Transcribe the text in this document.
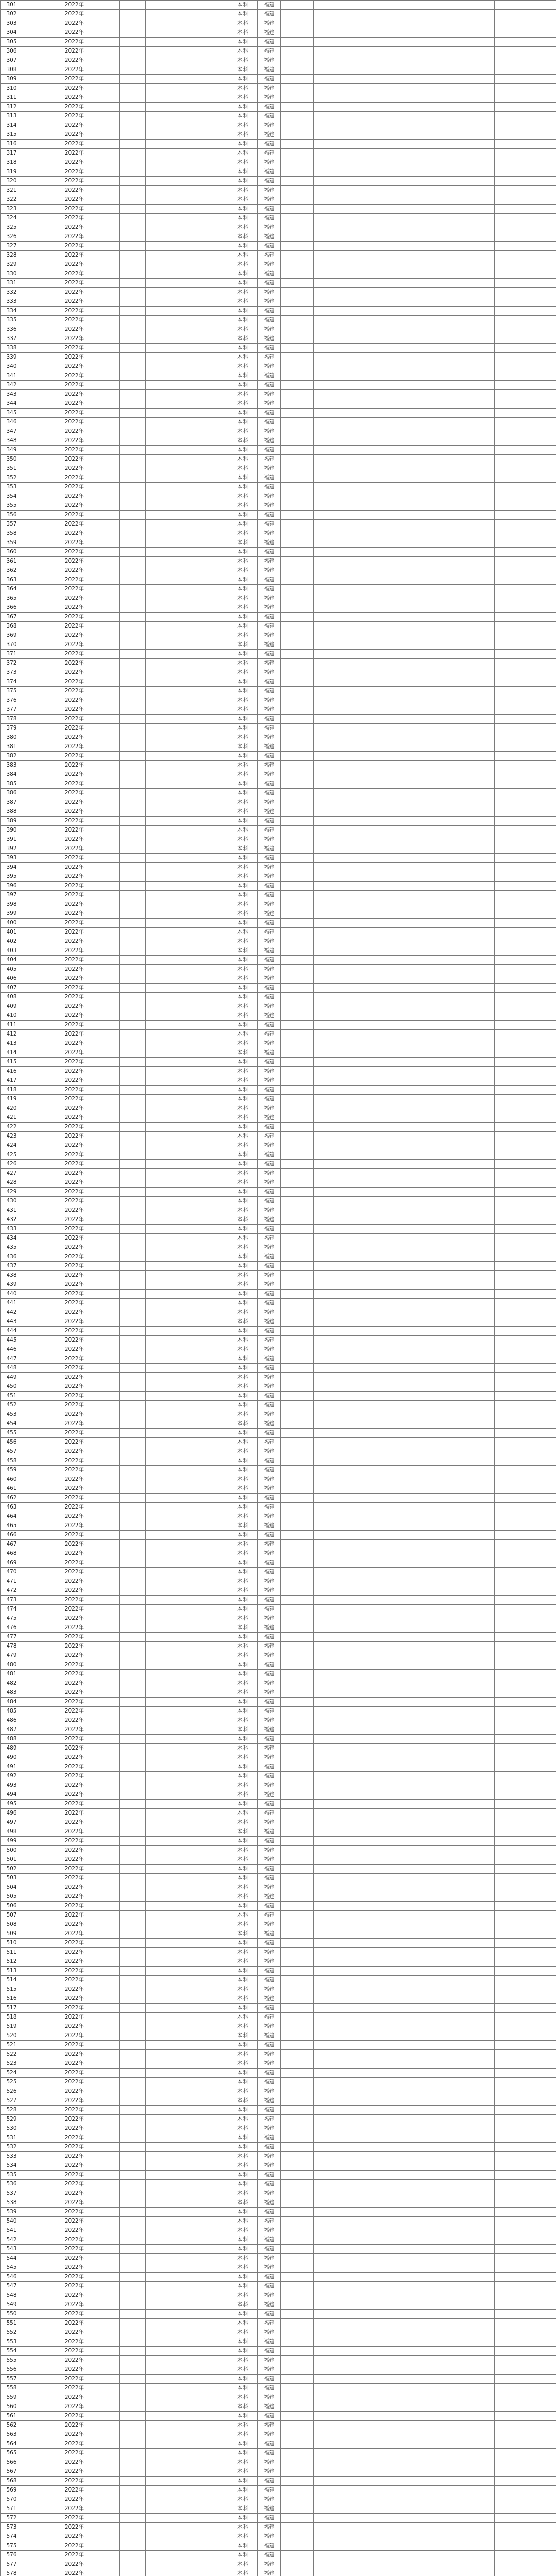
301		2022年				本科	福建				
302		2022年				本科	福建				
303		2022年				本科	福建				
304		2022年				本科	福建				
305		2022年				本科	福建				
306		2022年				本科	福建				
307		2022年				本科	福建				
308		2022年				本科	福建				
309		2022年				本科	福建				
310		2022年				本科	福建				
311		2022年				本科	福建				
312		2022年				本科	福建				
313		2022年				本科	福建				
314		2022年				本科	福建				
315		2022年				本科	福建				
316		2022年				本科	福建				
317		2022年				本科	福建				
318		2022年				本科	福建				
319		2022年				本科	福建				
320		2022年				本科	福建				
321		2022年				本科	福建				
322		2022年				本科	福建				
323		2022年				本科	福建				
324		2022年				本科	福建				
325		2022年				本科	福建				
326		2022年				本科	福建				
327		2022年				本科	福建				
328		2022年				本科	福建				
329		2022年				本科	福建				
330		2022年				本科	福建				
331		2022年				本科	福建				
332		2022年				本科	福建				
333		2022年				本科	福建				
334		2022年				本科	福建				
335		2022年				本科	福建				
336		2022年				本科	福建				
337		2022年				本科	福建				
338		2022年				本科	福建				
339		2022年				本科	福建				
340		2022年				本科	福建				
341		2022年				本科	福建				
342		2022年				本科	福建				
343		2022年				本科	福建				
344		2022年				本科	福建				
345		2022年				本科	福建				
346		2022年				本科	福建				
347		2022年				本科	福建				
348		2022年				本科	福建				
349		2022年				本科	福建				
350		2022年				本科	福建				
351		2022年				本科	福建				
352		2022年				本科	福建				
353		2022年				本科	福建				
354		2022年				本科	福建				
355		2022年				本科	福建				
356		2022年				本科	福建				
357		2022年				本科	福建				
358		2022年				本科	福建				
359		2022年				本科	福建				
360		2022年				本科	福建				
361		2022年				本科	福建				
362		2022年				本科	福建				
363		2022年				本科	福建				
364		2022年				本科	福建				
365		2022年				本科	福建				
366		2022年				本科	福建				
367		2022年				本科	福建				
368		2022年				本科	福建				
369		2022年				本科	福建				
370		2022年				本科	福建				
371		2022年				本科	福建				
372		2022年				本科	福建				
373		2022年				本科	福建				
374		2022年				本科	福建				
375		2022年				本科	福建				
376		2022年				本科	福建				
377		2022年				本科	福建				
378		2022年				本科	福建				
379		2022年				本科	福建				
380		2022年				本科	福建				
381		2022年				本科	福建				
382		2022年				本科	福建				
383		2022年				本科	福建				
384		2022年				本科	福建				
385		2022年				本科	福建				
386		2022年				本科	福建				
387		2022年				本科	福建				
388		2022年				本科	福建				
389		2022年				本科	福建				
390		2022年				本科	福建				
391		2022年				本科	福建				
392		2022年				本科	福建				
393		2022年				本科	福建				
394		2022年				本科	福建				
395		2022年				本科	福建				
396		2022年				本科	福建				
397		2022年				本科	福建				
398		2022年				本科	福建				
399		2022年				本科	福建				
400		2022年				本科	福建				
401		2022年				本科	福建				
402		2022年				本科	福建				
403		2022年				本科	福建				
404		2022年				本科	福建				
405		2022年				本科	福建				
406		2022年				本科	福建				
407		2022年				本科	福建				
408		2022年				本科	福建				
409		2022年				本科	福建				
410		2022年				本科	福建				
411		2022年				本科	福建				
412		2022年				本科	福建				
413		2022年				本科	福建				
414		2022年				本科	福建				
415		2022年				本科	福建				
416		2022年				本科	福建				
417		2022年				本科	福建				
418		2022年				本科	福建				
419		2022年				本科	福建				
420		2022年				本科	福建				
421		2022年				本科	福建				
422		2022年				本科	福建				
423		2022年				本科	福建				
424		2022年				本科	福建				
425		2022年				本科	福建				
426		2022年				本科	福建				
427		2022年				本科	福建				
428		2022年				本科	福建				
429		2022年				本科	福建				
430		2022年				本科	福建				
431		2022年				本科	福建				
432		2022年				本科	福建				
433		2022年				本科	福建				
434		2022年				本科	福建				
435		2022年				本科	福建				
436		2022年				本科	福建				
437		2022年				本科	福建				
438		2022年				本科	福建				
439		2022年				本科	福建				
440		2022年				本科	福建				
441		2022年				本科	福建				
442		2022年				本科	福建				
443		2022年				本科	福建				
444		2022年				本科	福建				
445		2022年				本科	福建				
446		2022年				本科	福建				
447		2022年				本科	福建				
448		2022年				本科	福建				
449		2022年				本科	福建				
450		2022年				本科	福建				
451		2022年				本科	福建				
452		2022年				本科	福建				
453		2022年				本科	福建				
454		2022年				本科	福建				
455		2022年				本科	福建				
456		2022年				本科	福建				
457		2022年				本科	福建				
458		2022年				本科	福建				
459		2022年				本科	福建				
460		2022年				本科	福建				
461		2022年				本科	福建				
462		2022年				本科	福建				
463		2022年				本科	福建				
464		2022年				本科	福建				
465		2022年				本科	福建				
466		2022年				本科	福建				
467		2022年				本科	福建				
468		2022年				本科	福建				
469		2022年				本科	福建				
470		2022年				本科	福建				
471		2022年				本科	福建				
472		2022年				本科	福建				
473		2022年				本科	福建				
474		2022年				本科	福建				
475		2022年				本科	福建				
476		2022年				本科	福建				
477		2022年				本科	福建				
478		2022年				本科	福建				
479		2022年				本科	福建				
480		2022年				本科	福建				
481		2022年				本科	福建				
482		2022年				本科	福建				
483		2022年				本科	福建				
484		2022年				本科	福建				
485		2022年				本科	福建				
486		2022年				本科	福建				
487		2022年				本科	福建				
488		2022年				本科	福建				
489		2022年				本科	福建				
490		2022年				本科	福建				
491		2022年				本科	福建				
492		2022年				本科	福建				
493		2022年				本科	福建				
494		2022年				本科	福建				
495		2022年				本科	福建				
496		2022年				本科	福建				
497		2022年				本科	福建				
498		2022年				本科	福建				
499		2022年				本科	福建				
500		2022年				本科	福建				
501		2022年				本科	福建				
502		2022年				本科	福建				
503		2022年				本科	福建				
504		2022年				本科	福建				
505		2022年				本科	福建				
506		2022年				本科	福建				
507		2022年				本科	福建				
508		2022年				本科	福建				
509		2022年				本科	福建				
510		2022年				本科	福建				
511		2022年				本科	福建				
512		2022年				本科	福建				
513		2022年				本科	福建				
514		2022年				本科	福建				
515		2022年				本科	福建				
516		2022年				本科	福建				
517		2022年				本科	福建				
518		2022年				本科	福建				
519		2022年				本科	福建				
520		2022年				本科	福建				
521		2022年				本科	福建				
522		2022年				本科	福建				
523		2022年				本科	福建				
524		2022年				本科	福建				
525		2022年				本科	福建				
526		2022年				本科	福建				
527		2022年				本科	福建				
528		2022年				本科	福建				
529		2022年				本科	福建				
530		2022年				本科	福建				
531		2022年				本科	福建				
532		2022年				本科	福建				
533		2022年				本科	福建				
534		2022年				本科	福建				
535		2022年				本科	福建				
536		2022年				本科	福建				
537		2022年				本科	福建				
538		2022年				本科	福建				
539		2022年				本科	福建				
540		2022年				本科	福建				
541		2022年				本科	福建				
542		2022年				本科	福建				
543		2022年				本科	福建				
544		2022年				本科	福建				
545		2022年				本科	福建				
546		2022年				本科	福建				
547		2022年				本科	福建				
548		2022年				本科	福建				
549		2022年				本科	福建				
550		2022年				本科	福建				
551		2022年				本科	福建				
552		2022年				本科	福建				
553		2022年				本科	福建				
554		2022年				本科	福建				
555		2022年				本科	福建				
556		2022年				本科	福建				
557		2022年				本科	福建				
558		2022年				本科	福建				
559		2022年				本科	福建				
560		2022年				本科	福建				
561		2022年				本科	福建				
562		2022年				本科	福建				
563		2022年				本科	福建				
564		2022年				本科	福建				
565		2022年				本科	福建				
566		2022年				本科	福建				
567		2022年				本科	福建				
568		2022年				本科	福建				
569		2022年				本科	福建				
570		2022年				本科	福建				
571		2022年				本科	福建				
572		2022年				本科	福建				
573		2022年				本科	福建				
574		2022年				本科	福建				
575		2022年				本科	福建				
576		2022年				本科	福建				
577		2022年				本科	福建				
578		2022年				本科	福建				
